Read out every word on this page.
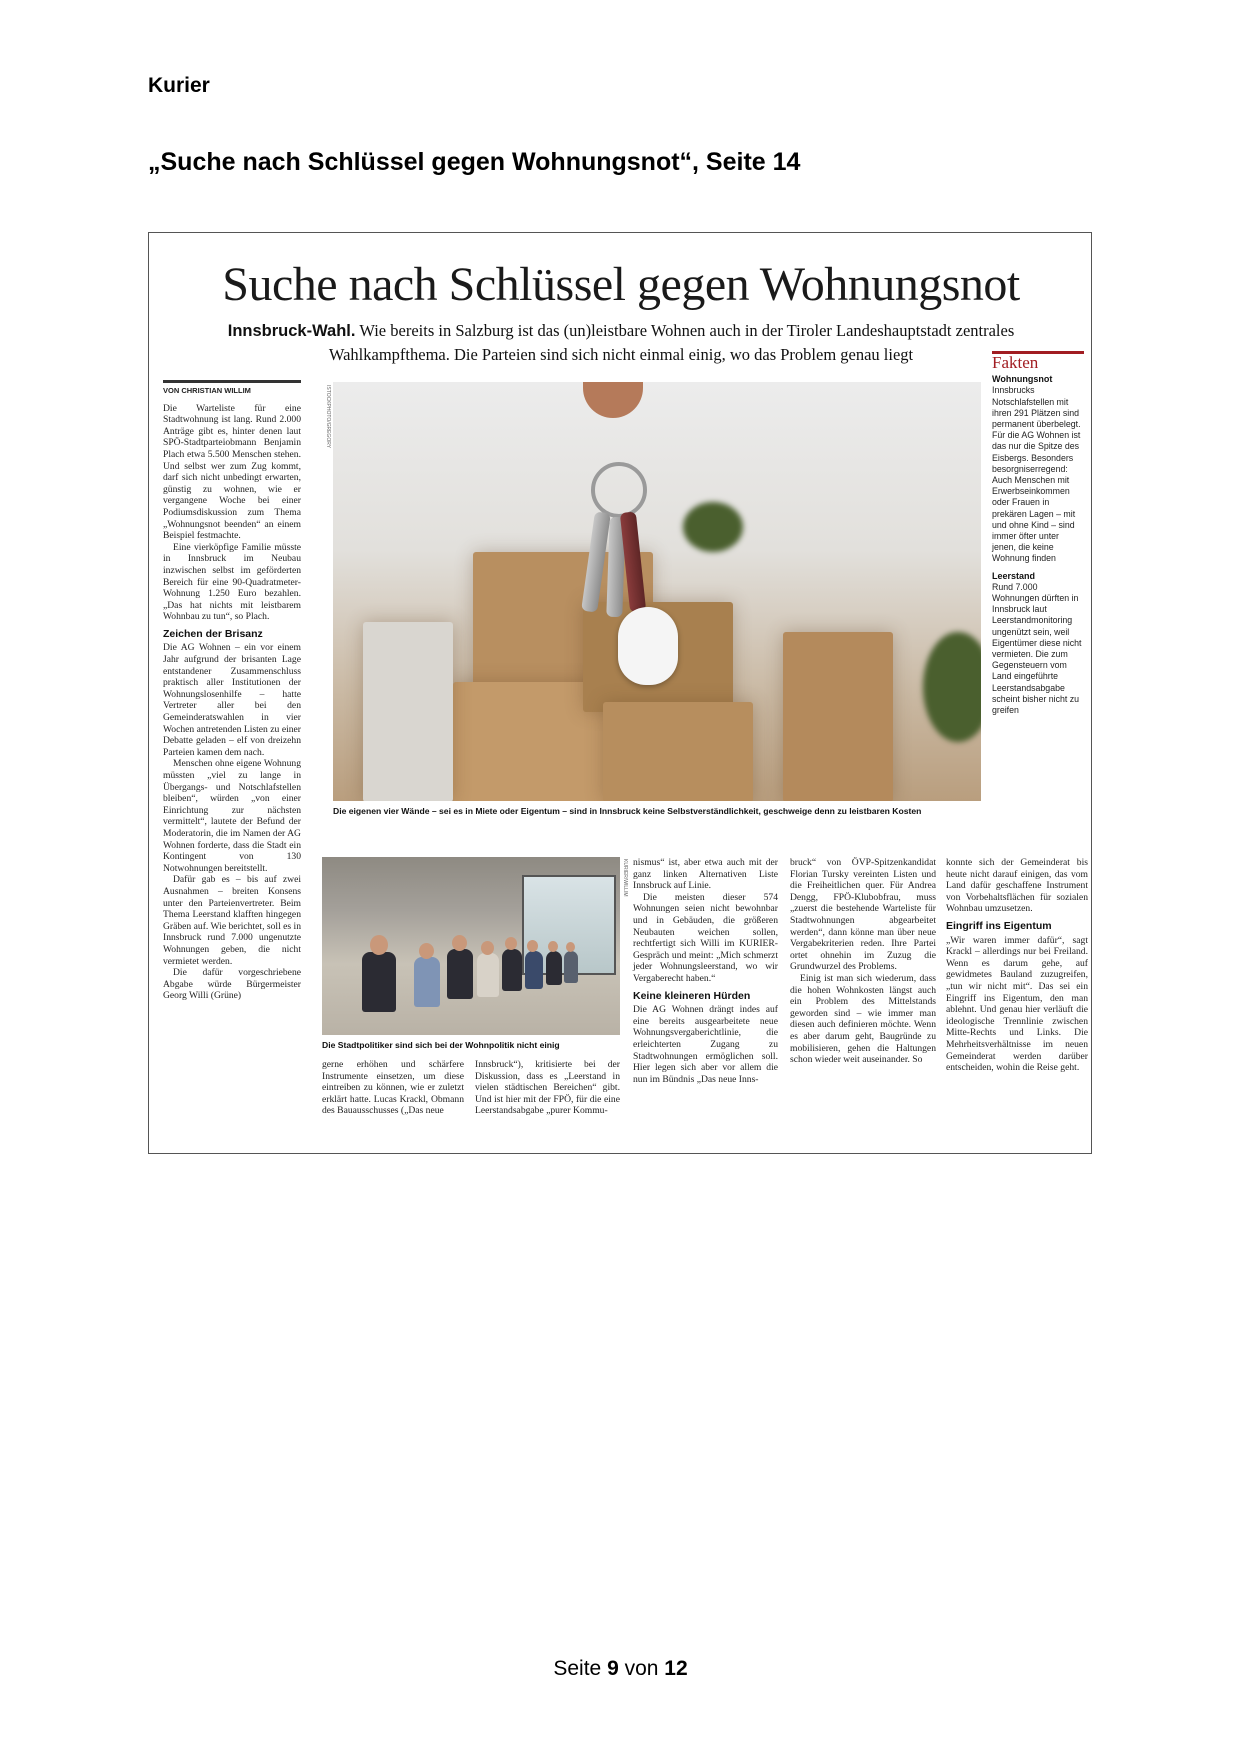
Kurier
„Suche nach Schlüssel gegen Wohnungsnot“, Seite 14
Suche nach Schlüssel gegen Wohnungsnot
Innsbruck-Wahl. Wie bereits in Salzburg ist das (un)leistbare Wohnen auch in der Tiroler Landeshauptstadt zentrales Wahlkampfthema. Die Parteien sind sich nicht einmal einig, wo das Problem genau liegt
VON CHRISTIAN WILLIM

Die Warteliste für eine Stadtwohnung ist lang. Rund 2.000 Anträge gibt es, hinter denen laut SPÖ-Stadtparteiobmann Benjamin Plach etwa 5.500 Menschen stehen. Und selbst wer zum Zug kommt, darf sich nicht unbedingt erwarten, günstig zu wohnen, wie er vergangene Woche bei einer Podiumsdiskussion zum Thema „Wohnungsnot beenden“ an einem Beispiel festmachte.

Eine vierköpfige Familie müsste in Innsbruck im Neubau inzwischen selbst im geförderten Bereich für eine 90-Quadratmeter-Wohnung 1.250 Euro bezahlen. „Das hat nichts mit leistbarem Wohnbau zu tun“, so Plach.

Zeichen der Brisanz

Die AG Wohnen – ein vor einem Jahr aufgrund der brisanten Lage entstandener Zusammenschluss praktisch aller Institutionen der Wohnungslosenhilfe – hatte Vertreter aller bei den Gemeinderatswahlen in vier Wochen antretenden Listen zu einer Debatte geladen – elf von dreizehn Parteien kamen dem nach.

Menschen ohne eigene Wohnung müssten „viel zu lange in Übergangs- und Notschlafstellen bleiben“, würden „von einer Einrichtung zur nächsten vermittelt“, lautete der Befund der Moderatorin, die im Namen der AG Wohnen forderte, dass die Stadt ein Kontingent von 130 Notwohnungen bereitstellt.

Dafür gab es – bis auf zwei Ausnahmen – breiten Konsens unter den Parteienvertreter. Beim Thema Leerstand klafften hingegen Gräben auf. Wie berichtet, soll es in Innsbruck rund 7.000 ungenutzte Wohnungen geben, die nicht vermietet werden.

Die dafür vorgeschriebene Abgabe würde Bürgermeister Georg Willi (Grüne)

ISTOCKPHOTO/GREGORY
Die eigenen vier Wände – sei es in Miete oder Eigentum – sind in Innsbruck keine Selbstverständlichkeit, geschweige denn zu leistbaren Kosten
Fakten
Wohnungsnot

Innsbrucks Notschlafstellen mit ihren 291 Plätzen sind permanent überbelegt. Für die AG Wohnen ist das nur die Spitze des Eisbergs. Besonders besorgniserregend: Auch Menschen mit Erwerbseinkommen oder Frauen in prekären Lagen – mit und ohne Kind – sind immer öfter unter jenen, die keine Wohnung finden

Leerstand

Rund 7.000 Wohnungen dürften in Innsbruck laut Leerstandmonitoring ungenützt sein, weil Eigentümer diese nicht vermieten. Die zum Gegensteuern vom Land eingeführte Leerstandsabgabe scheint bisher nicht zu greifen

KURIER/WILLIM
Die Stadtpolitiker sind sich bei der Wohnpolitik nicht einig

gerne erhöhen und schärfere Instrumente einsetzen, um diese eintreiben zu können, wie er zuletzt erklärt hatte. Lucas Krackl, Obmann des Bauausschusses („Das neue

Innsbruck“), kritisierte bei der Diskussion, dass es „Leerstand in vielen städtischen Bereichen“ gibt. Und ist hier mit der FPÖ, für die eine Leerstandsabgabe „purer Kommu-

nismus“ ist, aber etwa auch mit der ganz linken Alternativen Liste Innsbruck auf Linie.

Die meisten dieser 574 Wohnungen seien nicht bewohnbar und in Gebäuden, die größeren Neubauten weichen sollen, rechtfertigt sich Willi im KURIER-Gespräch und meint: „Mich schmerzt jeder Wohnungsleerstand, wo wir Vergaberecht haben.“

Keine kleineren Hürden

Die AG Wohnen drängt indes auf eine bereits ausgearbeitete neue Wohnungsvergaberichtlinie, die erleichterten Zugang zu Stadtwohnungen ermöglichen soll. Hier legen sich aber vor allem die nun im Bündnis „Das neue Inns-

bruck“ von ÖVP-Spitzenkandidat Florian Tursky vereinten Listen und die Freiheitlichen quer. Für Andrea Dengg, FPÖ-Klubobfrau, muss „zuerst die bestehende Warteliste für Stadtwohnungen abgearbeitet werden“, dann könne man über neue Vergabekriterien reden. Ihre Partei ortet ohnehin im Zuzug die Grundwurzel des Problems.

Einig ist man sich wiederum, dass die hohen Wohnkosten längst auch ein Problem des Mittelstands geworden sind – wie immer man diesen auch definieren möchte. Wenn es aber darum geht, Baugründe zu mobilisieren, gehen die Haltungen schon wieder weit auseinander. So

konnte sich der Gemeinderat bis heute nicht darauf einigen, das vom Land dafür geschaffene Instrument von Vorbehaltsflächen für sozialen Wohnbau umzusetzen.

Eingriff ins Eigentum

„Wir waren immer dafür“, sagt Krackl – allerdings nur bei Freiland. Wenn es darum gehe, auf gewidmetes Bauland zuzugreifen, „tun wir nicht mit“. Das sei ein Eingriff ins Eigentum, den man ablehnt. Und genau hier verläuft die ideologische Trennlinie zwischen Mitte-Rechts und Links. Die Mehrheitsverhältnisse im neuen Gemeinderat werden darüber entscheiden, wohin die Reise geht.

Seite 9 von 12
